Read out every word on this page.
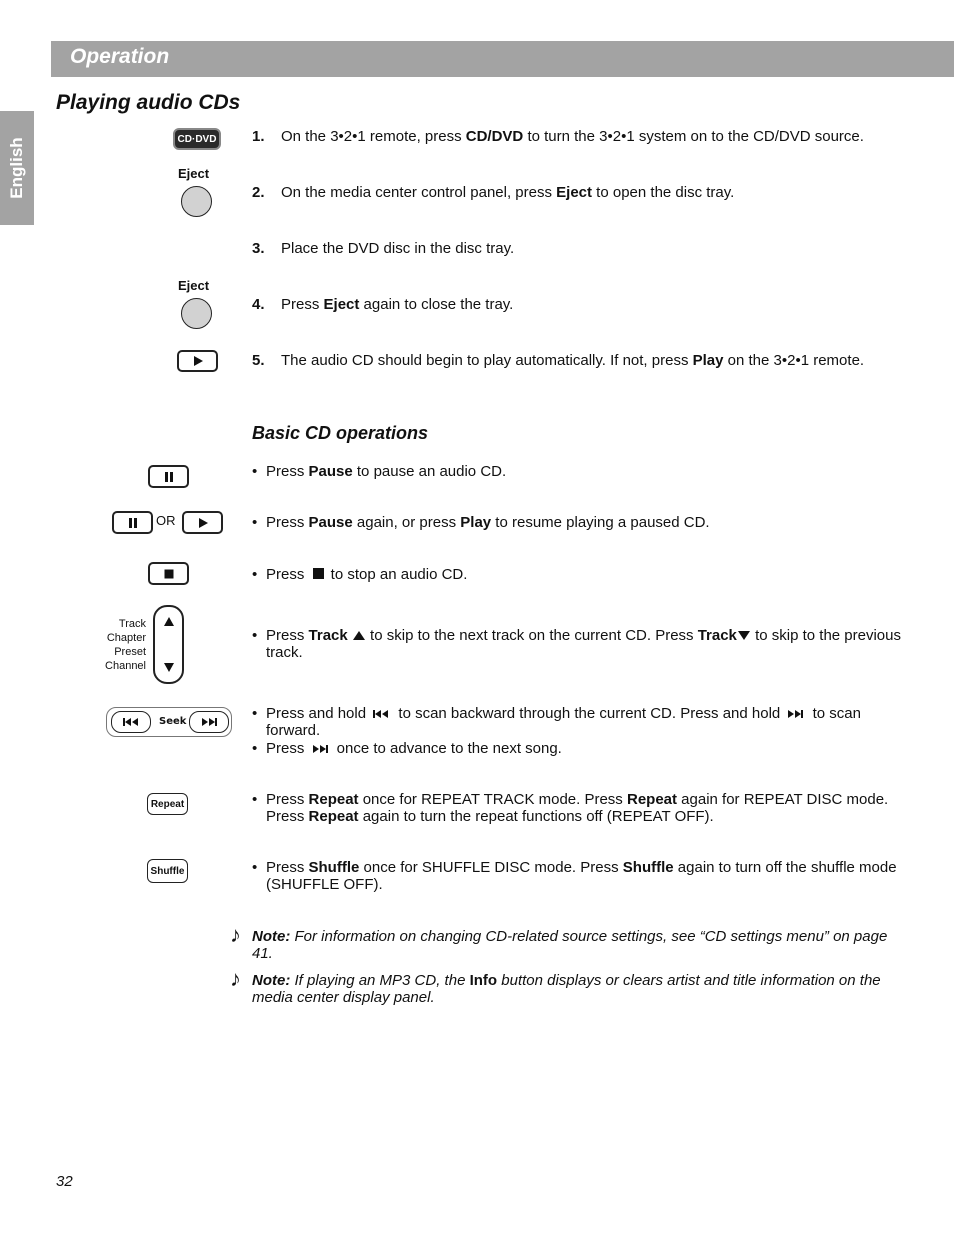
Operation
English
Playing audio CDs
CD·DVD
Eject
Eject
1. On the 3•2•1 remote, press CD/DVD to turn the 3•2•1 system on to the CD/DVD source.
2. On the media center control panel, press Eject to open the disc tray.
3. Place the DVD disc in the disc tray.
4. Press Eject again to close the tray.
5. The audio CD should begin to play automatically. If not, press Play on the 3•2•1 remote.
Basic CD operations
OR
Track
Chapter
Preset
Channel
Seek
Repeat
Shuffle
• Press Pause to pause an audio CD.
• Press Pause again, or press Play to resume playing a paused CD.
• Press  to stop an audio CD.
• Press Track  to skip to the next track on the current CD. Press Track to skip to the previous track.
• Press and hold  to scan backward through the current CD. Press and hold  to scan forward.
• Press  once to advance to the next song.
• Press Repeat once for REPEAT TRACK mode. Press Repeat again for REPEAT DISC mode. Press Repeat again to turn the repeat functions off (REPEAT OFF).
• Press Shuffle once for SHUFFLE DISC mode. Press Shuffle again to turn off the shuffle mode (SHUFFLE OFF).
♪ Note: For information on changing CD-related source settings, see “CD settings menu” on page 41.
♪ Note: If playing an MP3 CD, the Info button displays or clears artist and title information on the media center display panel.
32
